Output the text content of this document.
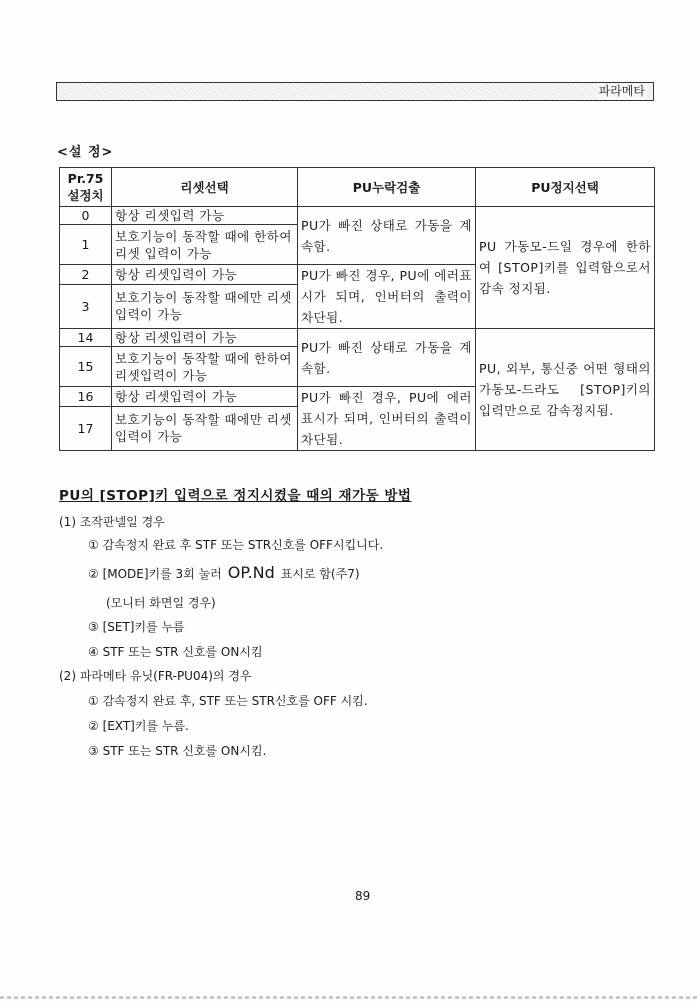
파라메타
<설 정>
Pr.75
설정치	리셋선택	PU누락검출	PU정지선택
0	항상 리셋입력 가능	PU가 빠진 상태로 가동을 계속함.	PU 가동모-드일 경우에 한하여 [STOP]키를 입력함으로서 감속 정지됨.
1	보호기능이 동작할 때에 한하여 리셋 입력이 가능		
2	항상 리셋입력이 가능	PU가 빠진 경우, PU에 에러표시가 되며, 인버터의 출력이 차단됨.	
3	보호기능이 동작할 때에만 리셋입력이 가능		
14	항상 리셋입력이 가능	PU가 빠진 상태로 가동을 계속함.	PU, 외부, 통신중 어떤 형태의 가동모-드라도 [STOP]키의 입력만으로 감속정지됨.
15	보호기능이 동작할 때에 한하여 리셋입력이 가능		
16	항상 리셋입력이 가능	PU가 빠진 경우, PU에 에러 표시가 되며, 인버터의 출력이 차단됨.	
17	보호기능이 동작할 때에만 리셋입력이 가능		
PU의 [STOP]키 입력으로 정지시켰을 때의 재가동 방법
(1) 조작판넬일 경우
① 감속정지 완료 후 STF 또는 STR신호를 OFF시킵니다.
② [MODE]키를 3회 눌러 OP.Nd 표시로 함(주7)
(모니터 화면일 경우)
③ [SET]키를 누름
④ STF 또는 STR 신호를 ON시킴
(2) 파라메타 유닛(FR-PU04)의 경우
① 감속정지 완료 후, STF 또는 STR신호를 OFF 시킴.
② [EXT]키를 누름.
③ STF 또는 STR 신호를 ON시킴.
89
